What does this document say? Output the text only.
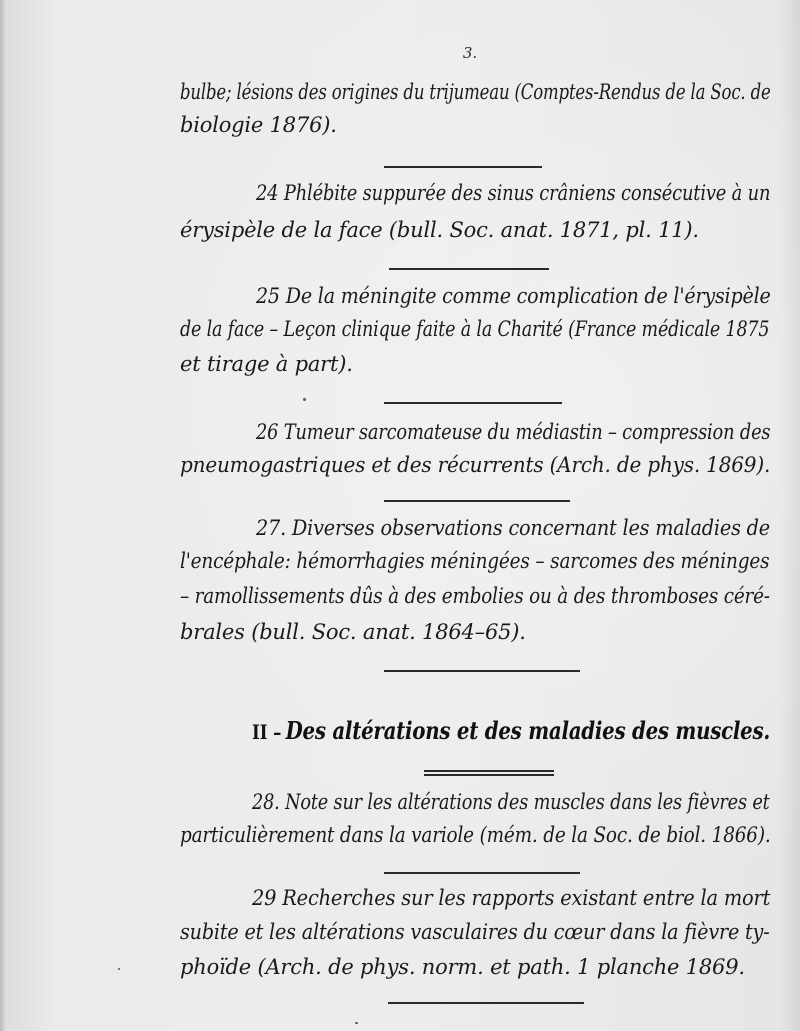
3.
bulbe; lésions des origines du trijumeau (Comptes-Rendus de la Soc. de
biologie 1876).
24 Phlébite suppurée des sinus crâniens consécutive à un
érysipèle de la face (bull. Soc. anat. 1871, pl. 11).
25 De la méningite comme complication de l'érysipèle
de la face – Leçon clinique faite à la Charité (France médicale 1875
et tirage à part).
26 Tumeur sarcomateuse du médiastin – compression des
pneumogastriques et des récurrents (Arch. de phys. 1869).
27. Diverses observations concernant les maladies de
l'encéphale: hémorrhagies méningées – sarcomes des méninges
– ramollissements dûs à des embolies ou à des thromboses céré-
brales (bull. Soc. anat. 1864–65).
II – Des altérations et des maladies des muscles.
28. Note sur les altérations des muscles dans les fièvres et
particulièrement dans la variole (mém. de la Soc. de biol. 1866).
29 Recherches sur les rapports existant entre la mort
subite et les altérations vasculaires du cœur dans la fièvre ty-
phoïde (Arch. de phys. norm. et path. 1 planche 1869.
